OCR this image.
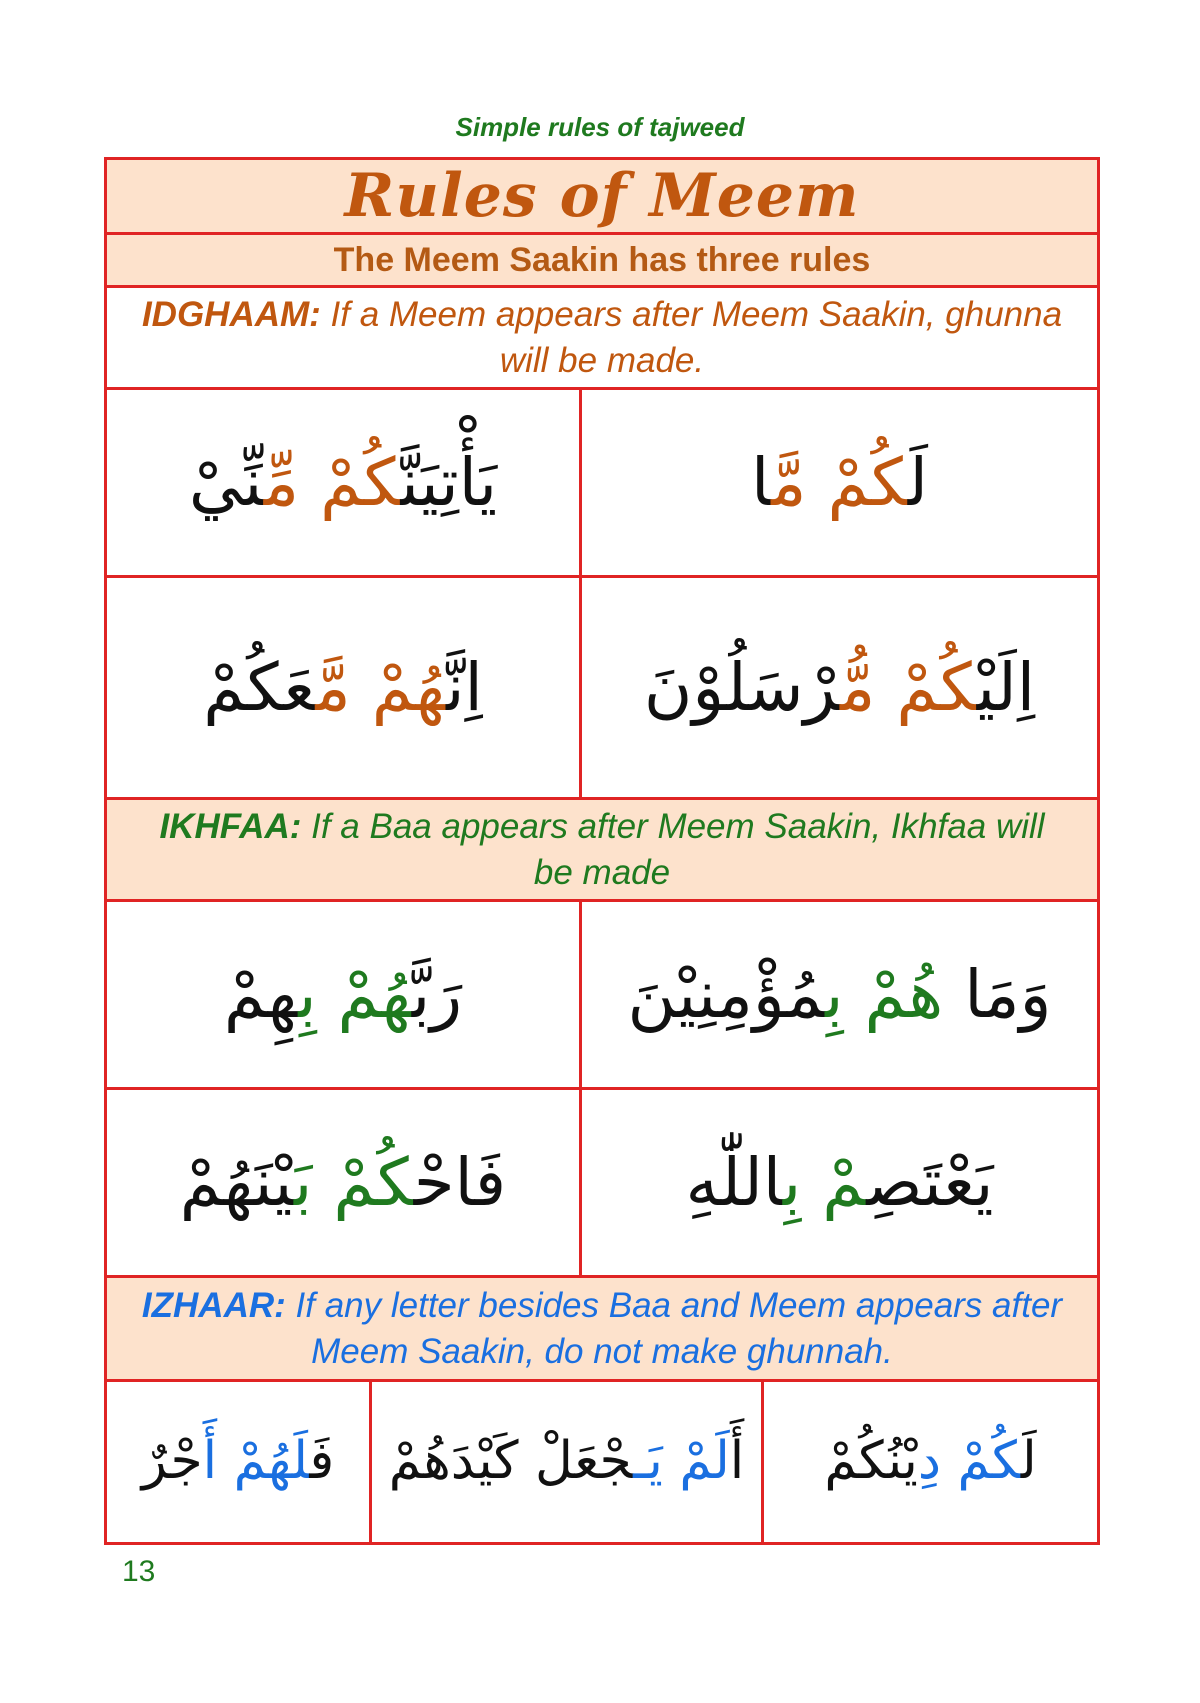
Simple rules of tajweed
Rules of Meem
The Meem Saakin has three rules
IDGHAAM: If a Meem appears after Meem Saakin, ghunna will be made.
يَأْتِيَنَّكُمْ مِّنِّيْ	لَكُمْ مَّا
اِنَّهُمْ مَّعَكُمْ	اِلَيْكُمْ مُّرْسَلُوْنَ
IKHFAA: If a Baa appears after Meem Saakin, Ikhfaa will be made
رَبَّهُمْ بِهِمْ	وَمَا هُمْ بِمُؤْمِنِيْنَ
فَاحْكُمْ بَيْنَهُمْ	يَعْتَصِمْ بِاللّٰهِ
IZHAAR: If any letter besides Baa and Meem appears after Meem Saakin, do not make ghunnah.
فَلَهُمْ أَجْرٌ	أَلَمْ يَـجْعَلْ كَيْدَهُمْ	لَكُمْ دِيْنُكُمْ
13
